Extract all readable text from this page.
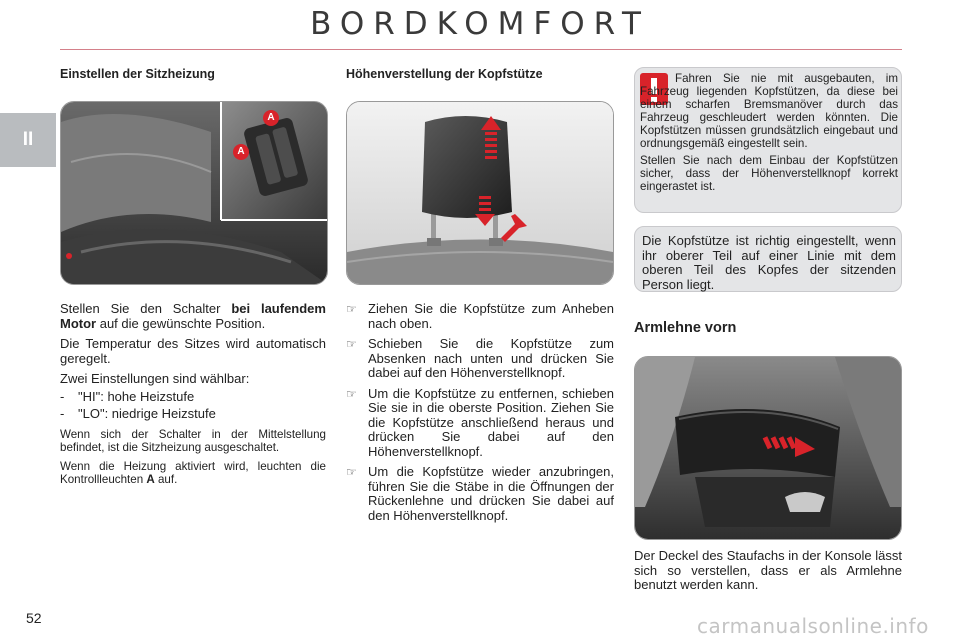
BORDKOMFORT
II
Einstellen der Sitzheizung
A
A

Stellen Sie den Schalter bei laufendem Motor auf die gewünschte Position.

Die Temperatur des Sitzes wird automatisch geregelt.

Zwei Einstellungen sind wählbar:

- "HI": hohe Heizstufe
- "LO": niedrige Heizstufe

Wenn sich der Schalter in der Mittelstellung befindet, ist die Sitzheizung ausgeschaltet.

Wenn die Heizung aktiviert wird, leuchten die Kontrollleuchten A auf.

Höhenverstellung der Kopfstütze
☞ Ziehen Sie die Kopfstütze zum Anheben nach oben.
☞ Schieben Sie die Kopfstütze zum Absenken nach unten und drücken Sie dabei auf den Höhenverstellknopf.
☞ Um die Kopfstütze zu entfernen, schieben Sie sie in die oberste Position. Ziehen Sie die Kopfstütze anschließend heraus und drücken Sie dabei auf den Höhenverstellknopf.
☞ Um die Kopfstütze wieder anzubringen, führen Sie die Stäbe in die Öffnungen der Rückenlehne und drücken Sie dabei auf den Höhenverstellknopf.

Fahren Sie nie mit ausgebauten, im Fahrzeug liegenden Kopfstützen, da diese bei einem scharfen Bremsmanöver durch das Fahrzeug geschleudert werden könnten. Die Kopfstützen müssen grundsätzlich eingebaut und ordnungsgemäß eingestellt sein.

Stellen Sie nach dem Einbau der Kopfstützen sicher, dass der Höhenverstellknopf korrekt eingerastet ist.

Die Kopfstütze ist richtig eingestellt, wenn ihr oberer Teil auf einer Linie mit dem oberen Teil des Kopfes der sitzenden Person liegt.
Armlehne vorn
Der Deckel des Staufachs in der Konsole lässt sich so verstellen, dass er als Armlehne benutzt werden kann.
52	carmanualsonline.info
